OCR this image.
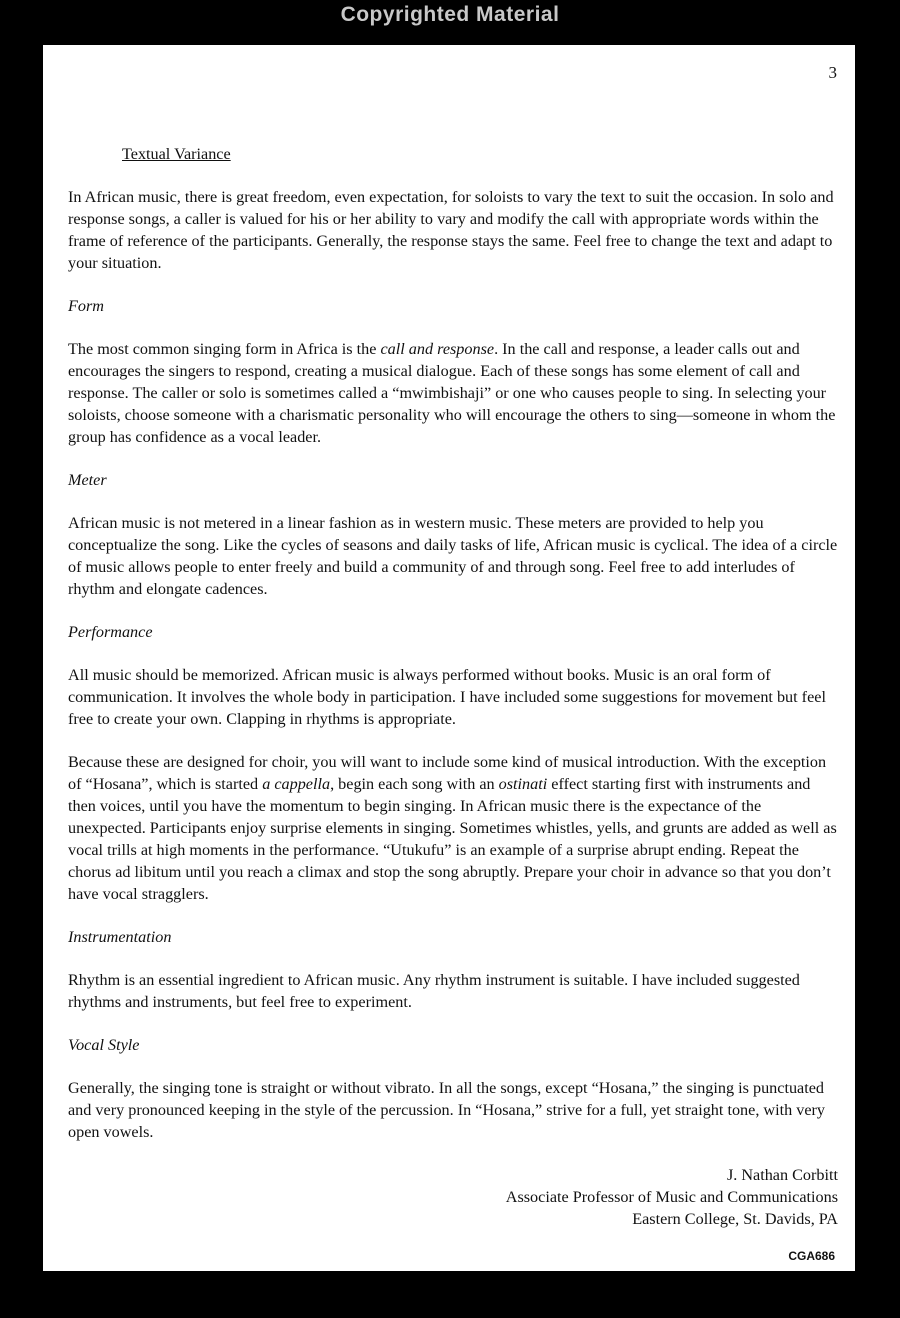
Copyrighted Material
3
Textual Variance

In African music, there is great freedom, even expectation, for soloists to vary the text to suit the occasion. In solo and response songs, a caller is valued for his or her ability to vary and modify the call with appropriate words within the frame of reference of the participants. Generally, the response stays the same. Feel free to change the text and adapt to your situation.

Form

The most common singing form in Africa is the call and response. In the call and response, a leader calls out and encourages the singers to respond, creating a musical dialogue. Each of these songs has some element of call and response. The caller or solo is sometimes called a “mwimbishaji” or one who causes people to sing. In selecting your soloists, choose someone with a charismatic personality who will encourage the others to sing—someone in whom the group has confidence as a vocal leader.

Meter

African music is not metered in a linear fashion as in western music. These meters are provided to help you conceptualize the song. Like the cycles of seasons and daily tasks of life, African music is cyclical. The idea of a circle of music allows people to enter freely and build a community of and through song. Feel free to add interludes of rhythm and elongate cadences.

Performance

All music should be memorized. African music is always performed without books. Music is an oral form of communication. It involves the whole body in participation. I have included some suggestions for movement but feel free to create your own. Clapping in rhythms is appropriate.

Because these are designed for choir, you will want to include some kind of musical introduction. With the exception of “Hosana”, which is started a cappella, begin each song with an ostinati effect starting first with instruments and then voices, until you have the momentum to begin singing. In African music there is the expectance of the unexpected. Participants enjoy surprise elements in singing. Sometimes whistles, yells, and grunts are added as well as vocal trills at high moments in the performance. “Utukufu” is an example of a surprise abrupt ending. Repeat the chorus ad libitum until you reach a climax and stop the song abruptly. Prepare your choir in advance so that you don’t have vocal stragglers.

Instrumentation

Rhythm is an essential ingredient to African music. Any rhythm instrument is suitable. I have included suggested rhythms and instruments, but feel free to experiment.

Vocal Style

Generally, the singing tone is straight or without vibrato. In all the songs, except “Hosana,” the singing is punctuated and very pronounced keeping in the style of the percussion. In “Hosana,” strive for a full, yet straight tone, with very open vowels.

J. Nathan Corbitt
Associate Professor of Music and Communications
Eastern College, St. Davids, PA
CGA686
